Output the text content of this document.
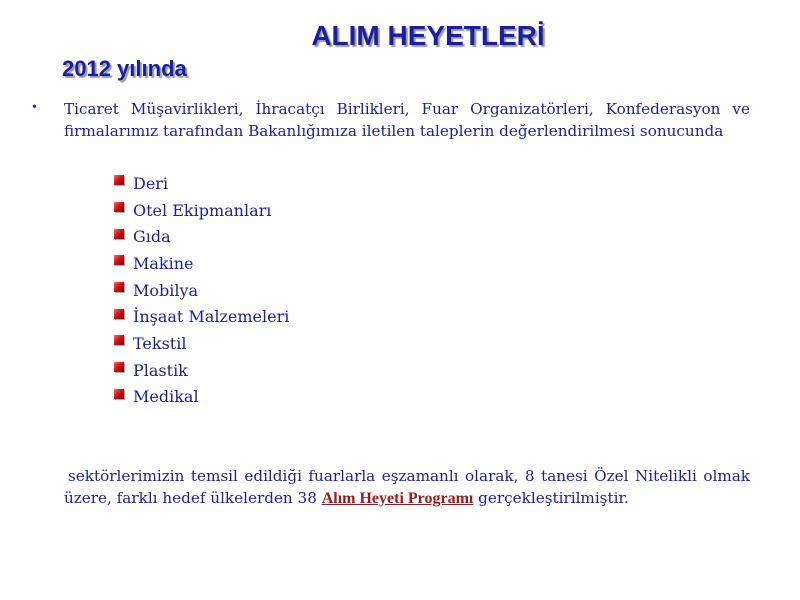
ALIM HEYETLERİ
2012 yılında
• Ticaret Müşavirlikleri, İhracatçı Birlikleri, Fuar Organizatörleri, Konfederasyon ve firmalarımız tarafından Bakanlığımıza iletilen taleplerin değerlendirilmesi sonucunda
Deri
Otel Ekipmanları
Gıda
Makine
Mobilya
İnşaat Malzemeleri
Tekstil
Plastik
Medikal
sektörlerimizin temsil edildiği fuarlarla eşzamanlı olarak, 8 tanesi Özel Nitelikli olmak üzere, farklı hedef ülkelerden 38 Alım Heyeti Programı gerçekleştirilmiştir.
